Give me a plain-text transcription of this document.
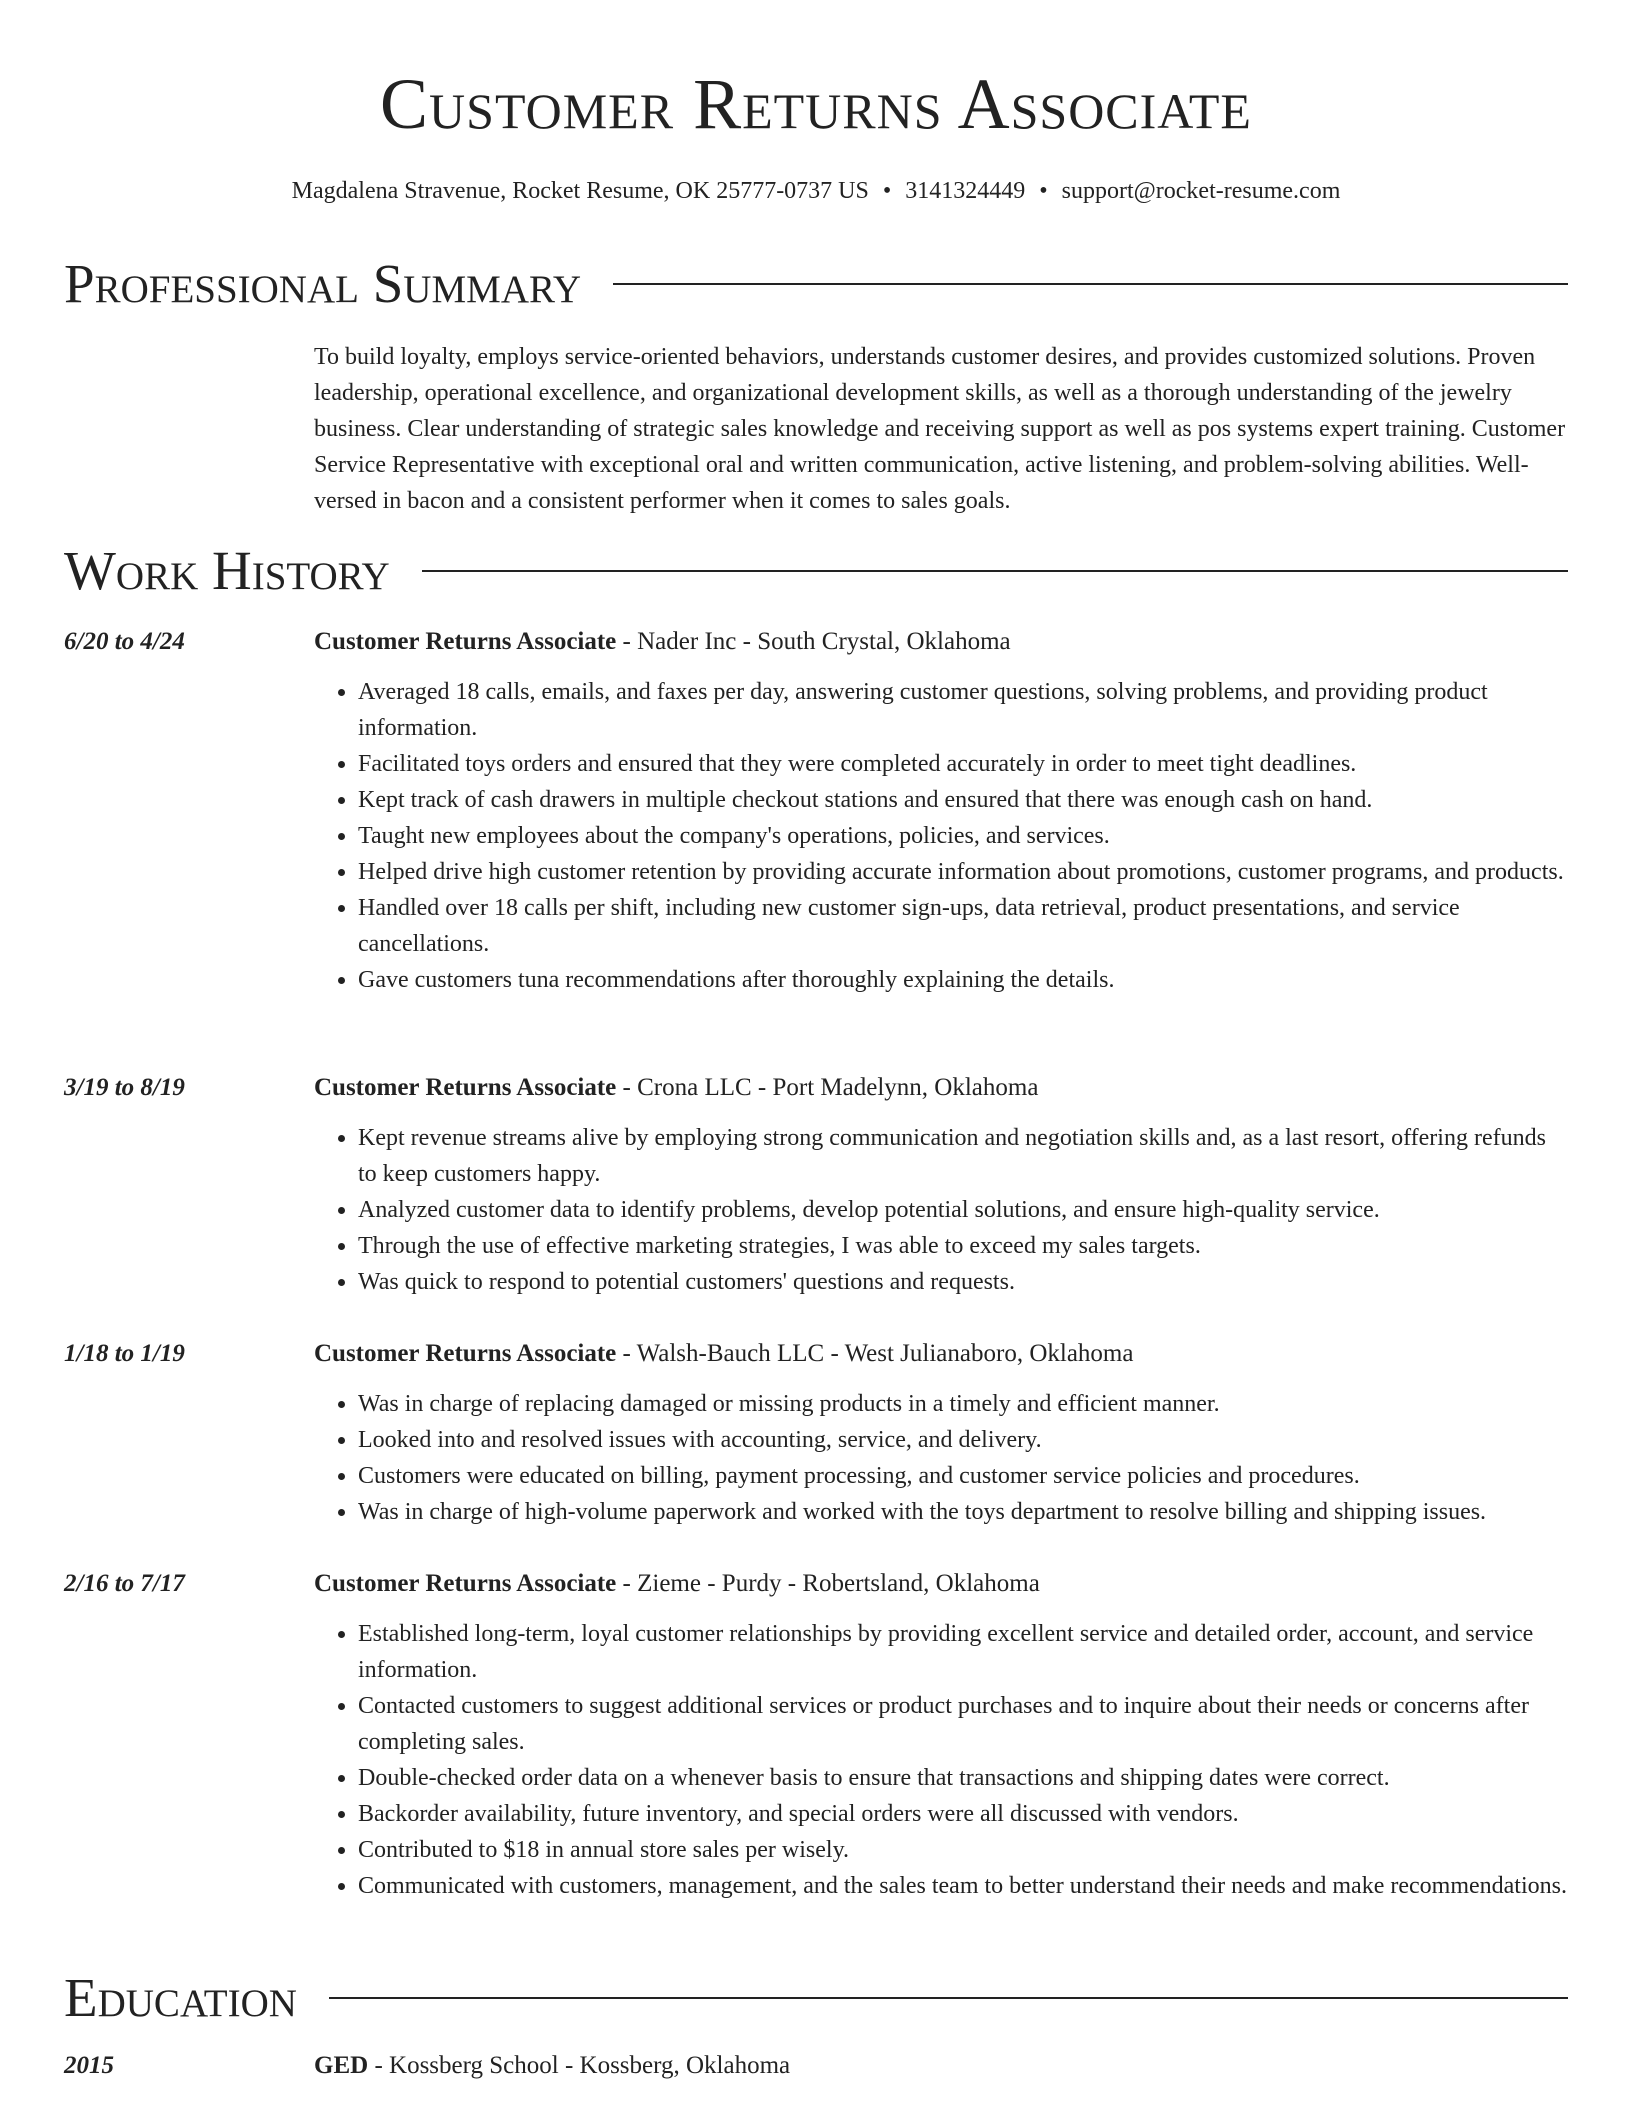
Customer Returns Associate
Magdalena Stravenue, Rocket Resume, OK 25777-0737 US • 3141324449 • support@rocket-resume.com
Professional Summary

To build loyalty, employs service-oriented behaviors, understands customer desires, and provides customized solutions. Proven leadership, operational excellence, and organizational development skills, as well as a thorough understanding of the jewelry business. Clear understanding of strategic sales knowledge and receiving support as well as pos systems expert training. Customer Service Representative with exceptional oral and written communication, active listening, and problem-solving abilities. Well-versed in bacon and a consistent performer when it comes to sales goals.

Work History
6/20 to 4/24	Customer Returns Associate - Nader Inc - South Crystal, Oklahoma
• Averaged 18 calls, emails, and faxes per day, answering customer questions, solving problems, and providing product information.
• Facilitated toys orders and ensured that they were completed accurately in order to meet tight deadlines.
• Kept track of cash drawers in multiple checkout stations and ensured that there was enough cash on hand.
• Taught new employees about the company's operations, policies, and services.
• Helped drive high customer retention by providing accurate information about promotions, customer programs, and products.
• Handled over 18 calls per shift, including new customer sign-ups, data retrieval, product presentations, and service cancellations.
• Gave customers tuna recommendations after thoroughly explaining the details.
3/19 to 8/19	Customer Returns Associate - Crona LLC - Port Madelynn, Oklahoma
• Kept revenue streams alive by employing strong communication and negotiation skills and, as a last resort, offering refunds to keep customers happy.
• Analyzed customer data to identify problems, develop potential solutions, and ensure high-quality service.
• Through the use of effective marketing strategies, I was able to exceed my sales targets.
• Was quick to respond to potential customers' questions and requests.
1/18 to 1/19	Customer Returns Associate - Walsh-Bauch LLC - West Julianaboro, Oklahoma
• Was in charge of replacing damaged or missing products in a timely and efficient manner.
• Looked into and resolved issues with accounting, service, and delivery.
• Customers were educated on billing, payment processing, and customer service policies and procedures.
• Was in charge of high-volume paperwork and worked with the toys department to resolve billing and shipping issues.
2/16 to 7/17	Customer Returns Associate - Zieme - Purdy - Robertsland, Oklahoma
• Established long-term, loyal customer relationships by providing excellent service and detailed order, account, and service information.
• Contacted customers to suggest additional services or product purchases and to inquire about their needs or concerns after completing sales.
• Double-checked order data on a whenever basis to ensure that transactions and shipping dates were correct.
• Backorder availability, future inventory, and special orders were all discussed with vendors.
• Contributed to $18 in annual store sales per wisely.
• Communicated with customers, management, and the sales team to better understand their needs and make recommendations.
Education
2015	GED - Kossberg School - Kossberg, Oklahoma
